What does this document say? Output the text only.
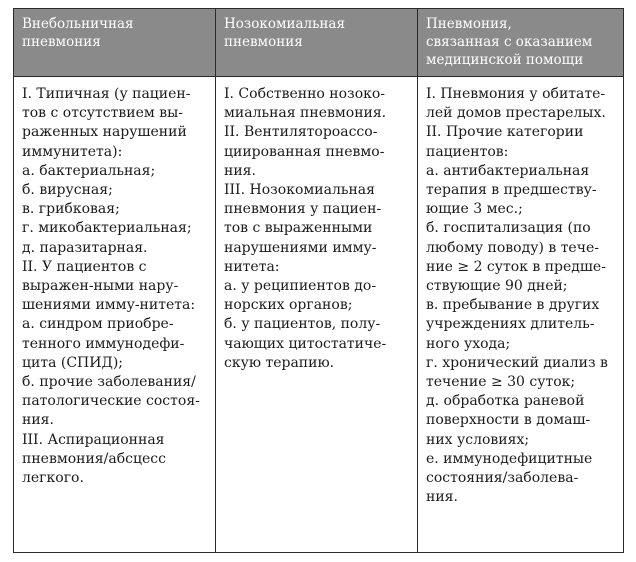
Внебольничная
пневмония
Нозокомиальная
пневмония
Пневмония,
связанная с оказанием
медицинской помощи
I. Типичная (у пациен-
тов с отсутствием вы-
раженных нарушений
иммунитета):
а. бактериальная;
б. вирусная;
в. грибковая;
г. микобактериальная;
д. паразитарная.
II. У пациентов с
выражен-ными нару-
шениями имму-нитета:
а. синдром приобре-
тенного иммунодефи-
цита (СПИД);
б. прочие заболевания/
патологические состоя-
ния.
III. Аспирационная
пневмония/абсцесс
легкого.
I. Собственно нозоко-
миальная пневмония.
II. Вентиляторoассо-
циированная пневмо-
ния.
III. Нозокомиальная
пневмония у пациен-
тов с выраженными
нарушениями имму-
нитета:
а. у реципиентов до-
норских органов;
б. у пациентов, полу-
чающих цитостатиче-
скую терапию.
I. Пневмония у обитате-
лей домов престарелых.
II. Прочие категории
пациентов:
а. антибактериальная
терапия в предшеству-
ющие 3 мес.;
б. госпитализация (по
любому поводу) в тече-
ние ≥ 2 суток в предше-
ствующие 90 дней;
в. пребывание в других
учреждениях длитель-
ного ухода;
г. хронический диализ в
течение ≥ 30 суток;
д. обработка раневой
поверхности в домаш-
них условиях;
е. иммунодефицитные
состояния/заболева-
ния.
